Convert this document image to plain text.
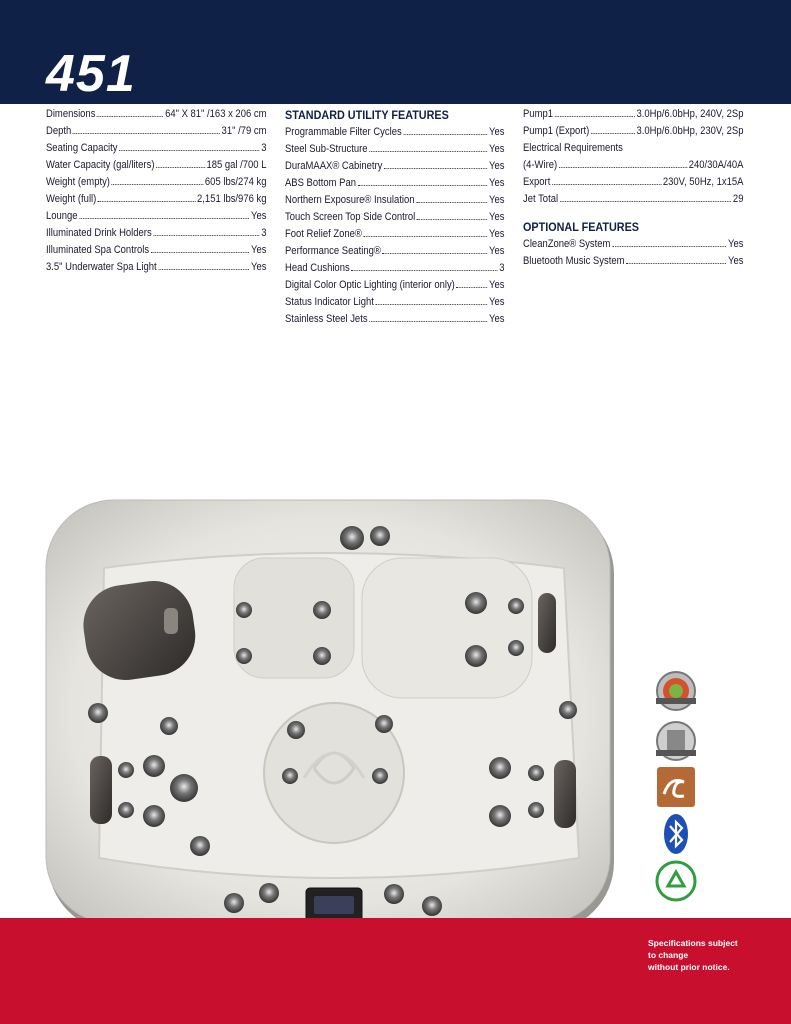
451
Dimensions	64" X 81" /163 x 206 cm
Depth	31" /79 cm
Seating Capacity	3
Water Capacity (gal/liters)	185 gal /700 L
Weight (empty)	605 lbs/274 kg
Weight (full)	2,151 lbs/976 kg
Lounge	Yes
Illuminated Drink Holders	3
Illuminated Spa Controls	Yes
3.5" Underwater Spa Light	Yes
STANDARD UTILITY FEATURES
Programmable Filter Cycles	Yes
Steel Sub-Structure	Yes
DuraMAAX® Cabinetry	Yes
ABS Bottom Pan	Yes
Northern Exposure® Insulation	Yes
Touch Screen Top Side Control	Yes
Foot Relief Zone®	Yes
Performance Seating®	Yes
Head Cushions	3
Digital Color Optic Lighting (interior only)	Yes
Status Indicator Light	Yes
Stainless Steel Jets	Yes
Pump1	3.0Hp/6.0bHp, 240V, 2Sp
Pump1 (Export)	3.0Hp/6.0bHp, 230V, 2Sp
Electrical Requirements
(4-Wire)	240/30A/40A
Export	230V, 50Hz, 1x15A
Jet Total	29
OPTIONAL FEATURES
CleanZone® System	Yes
Bluetooth Music System	Yes
Specifications subject
to change
without prior notice.
